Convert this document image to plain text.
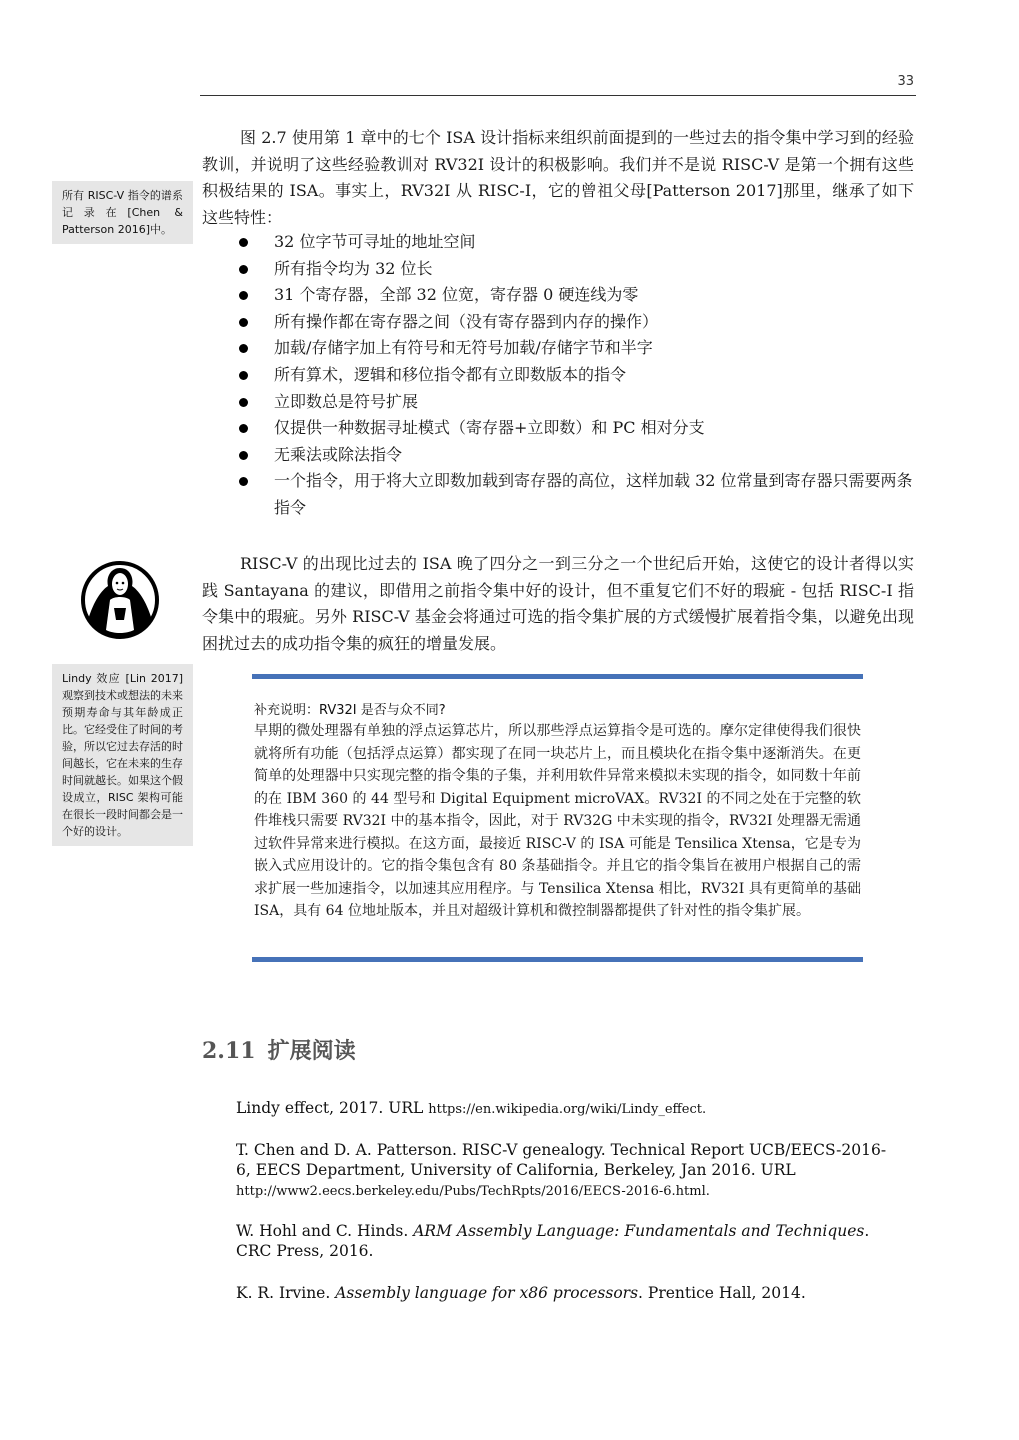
33

图 2.7 使用第 1 章中的七个 ISA 设计指标来组织前面提到的一些过去的指令集中学习到的经验教训，并说明了这些经验教训对 RV32I 设计的积极影响。我们并不是说 RISC-V 是第一个拥有这些积极结果的 ISA。事实上，RV32I 从 RISC-I，它的曾祖父母[Patterson 2017]那里，继承了如下这些特性：

所有 RISC-V 指令的谱系记录在[Chen & Patterson 2016]中。
32 位字节可寻址的地址空间
所有指令均为 32 位长
31 个寄存器，全部 32 位宽，寄存器 0 硬连线为零
所有操作都在寄存器之间（没有寄存器到内存的操作）
加载/存储字加上有符号和无符号加载/存储字节和半字
所有算术，逻辑和移位指令都有立即数版本的指令
立即数总是符号扩展
仅提供一种数据寻址模式（寄存器+立即数）和 PC 相对分支
无乘法或除法指令
一个指令，用于将大立即数加载到寄存器的高位，这样加载 32 位常量到寄存器只需要两条指令

RISC-V 的出现比过去的 ISA 晚了四分之一到三分之一个世纪后开始，这使它的设计者得以实践 Santayana 的建议，即借用之前指令集中好的设计，但不重复它们不好的瑕疵 - 包括 RISC-I 指令集中的瑕疵。另外 RISC-V 基金会将通过可选的指令集扩展的方式缓慢扩展着指令集，以避免出现困扰过去的成功指令集的疯狂的增量发展。

Lindy 效应 [Lin 2017]观察到技术或想法的未来预期寿命与其年龄成正比。它经受住了时间的考验，所以它过去存活的时间越长，它在未来的生存时间就越长。如果这个假设成立，RISC 架构可能在很长一段时间都会是一个好的设计。
补充说明：RV32I 是否与众不同?

早期的微处理器有单独的浮点运算芯片，所以那些浮点运算指令是可选的。摩尔定律使得我们很快就将所有功能（包括浮点运算）都实现了在同一块芯片上，而且模块化在指令集中逐渐消失。在更简单的处理器中只实现完整的指令集的子集，并利用软件异常来模拟未实现的指令，如同数十年前的在 IBM 360 的 44 型号和 Digital Equipment microVAX。RV32I 的不同之处在于完整的软件堆栈只需要 RV32I 中的基本指令，因此，对于 RV32G 中未实现的指令，RV32I 处理器无需通过软件异常来进行模拟。在这方面，最接近 RISC-V 的 ISA 可能是 Tensilica Xtensa，它是专为嵌入式应用设计的。它的指令集包含有 80 条基础指令。并且它的指令集旨在被用户根据自己的需求扩展一些加速指令，以加速其应用程序。与 Tensilica Xtensa 相比，RV32I 具有更简单的基础 ISA，具有 64 位地址版本，并且对超级计算机和微控制器都提供了针对性的指令集扩展。

2.11 扩展阅读

Lindy effect, 2017. URL https://en.wikipedia.org/wiki/Lindy_effect.

T. Chen and D. A. Patterson. RISC-V genealogy. Technical Report UCB/EECS-2016-6, EECS Department, University of California, Berkeley, Jan 2016. URL
http://www2.eecs.berkeley.edu/Pubs/TechRpts/2016/EECS-2016-6.html.

W. Hohl and C. Hinds. ARM Assembly Language: Fundamentals and Techniques. CRC Press, 2016.

K. R. Irvine. Assembly language for x86 processors. Prentice Hall, 2014.
